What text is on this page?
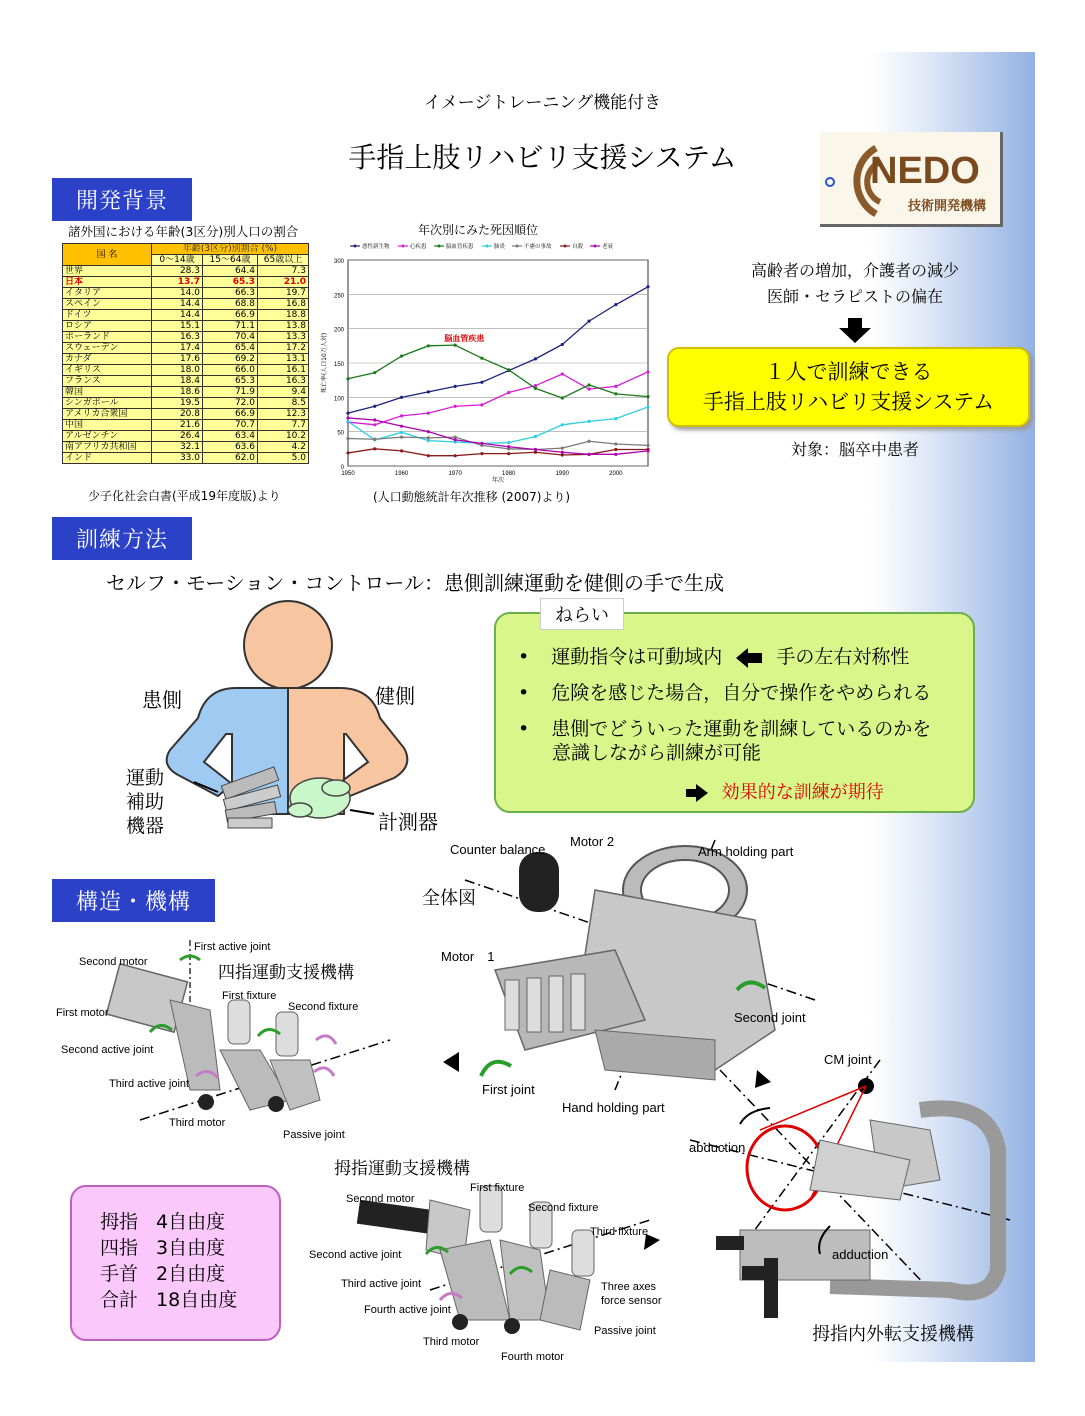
イメージトレーニング機能付き
手指上肢リハビリ支援システム	NEDO
技術開発機構
開発背景
訓練方法
構造・機構
諸外国における年齢(3区分)別人口の割合
国 名	年齢(3区分)別割合 (%)		
	0～14歳	15～64歳	65歳以上
世界	28.3	64.4	7.3
日本	13.7	65.3	21.0
イタリア	14.0	66.3	19.7
スペイン	14.4	68.8	16.8
ドイツ	14.4	66.9	18.8
ロシア	15.1	71.1	13.8
ポーランド	16.3	70.4	13.3
スウェーデン	17.4	65.4	17.2
カナダ	17.6	69.2	13.1
イギリス	18.0	66.0	16.1
フランス	18.4	65.3	16.3
韓国	18.6	71.9	9.4
シンガポール	19.5	72.0	8.5
アメリカ合衆国	20.8	66.9	12.3
中国	21.6	70.7	7.7
アルゼンチン	26.4	63.4	10.2
南アフリカ共和国	32.1	63.6	4.2
インド	33.0	62.0	5.0
少子化社会白書(平成19年度版)より
年次別にみた死因順位
0
50
100
150
200
250
300
1950	1960	1970	1980	1990	2000
年次
死亡率(人口10万人対)
悪性新生物	心疾患	脳血管疾患	肺炎	不慮の事故	自殺	老衰
脳血管疾患
(人口動態統計年次推移 (2007)より)
高齢者の増加，介護者の減少
医師・セラピストの偏在
１人で訓練できる
手指上肢リハビリ支援システム
対象：脳卒中患者
セルフ・モーション・コントロール：患側訓練運動を健側の手で生成
患側	健側
運動
補助
機器	計測器
ねらい
• 運動指令は可動域内	手の左右対称性
• 危険を感じた場合，自分で操作をやめられる
• 患側でどういった運動を訓練しているのかを
意識しながら訓練が可能
効果的な訓練が期待
全体図
Counter balance
Motor 2
Arm holding part
Motor　1
First joint
Hand holding part
Second joint
CM joint
abduction
adduction
拇指内外転支援機構
Second motor
First active joint
四指運動支援機構
First fixture
Second fixture
First motor
Second active joint
Third active joint
Third motor
Passive joint
拇指運動支援機構
Second motor
First fixture
Second fixture
Third fixture
Second active joint
Third active joint	Three axes
force sensor
Fourth active joint
Passive joint
Third motor
Fourth motor
拇指 4自由度
四指 3自由度
手首 2自由度
合計 18自由度
